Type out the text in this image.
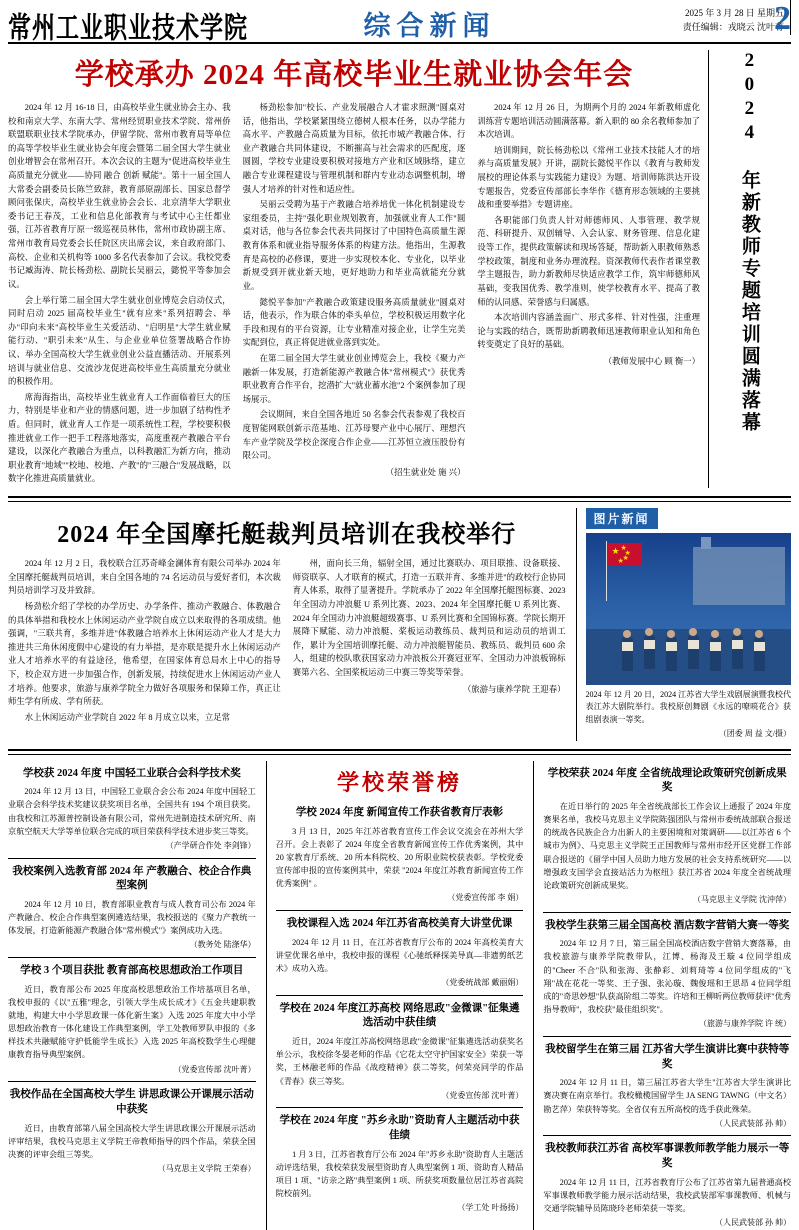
常州工业职业技术学院	综合新闻	2025 年 3 月 28 日 星期五
责任编辑：戎晓云 沈叶菁
2
学校承办 2024 年高校毕业生就业协会年会

2024 年 12 月 16-18 日，由高校毕业生就业协会主办、我校和南京大学、东南大学、常州经贸职业技术学院、常州侨联盟联职业技术学院承办，伊留学院、常州市教育局等单位的高等学校毕业生就业协会年度会暨第二届全国大学生就业创业增智会在常州召开。本次会议的主题为"促进高校毕业生高质量充分就业——协同 融合 创新 赋能"。第十一届全国人大常委会副委员长陈竺致辞，教育部原副部长、国家总督学顾问张保庆，高校毕业生就业协会会长、北京清华大学职业委书记王春茂，工业和信息化部教育与考试中心主任都业强，江苏省教育厅原一级巡视员林伟，常州市政协副主席、常州市教育局党委会长任院区庆出席会议，来自政府部门、高校、企业和关机构等 1000 多名代表参加了会议。我校党委书记臧海涛、院长杨劲松、副院长吴丽云，懿悦平等参加会议。

会上举行第二届全国大学生就业创业博览会启动仪式，同时启动 2025 届高校毕业生"就有应来"系列招聘会、举办"印向未来"高校毕业生关爱活动、"启明星"大学生就业赋能行动、"职引未来"从生、与企业业单位签署战略合作协议、举办全国高校大学生就业创业公益直播活动、开展系列培训与就业信息、交流沙龙促进高校毕业生高质量充分就业的积极作用。

席海海指出，高校毕业生就业育人工作面临着巨大的压力，特别是毕业和产业的情感问题，进一步加剧了结构性矛盾。但同时，就业育人工作是一项系统性工程，学校要积极推进就业工作一把手工程落地落实，高度重视产教融合平台建设，以深化产教融合为重点，以科教融汇为新方向，推动职业教育"地域""校地、校地、产教"的"三融合"发展战略，以数字化推进高质量就业。

杨劲松参加"校长、产业发展融合人才霍求照测"圆桌对话，他指出，学校紧紧围绕立德树人根本任务，以办学能力高水平、产教融合高质量为目标，依托市城产教融合体、行业产教融合共同体建设，不断摧高与社会需求的匹配度，逐圆圆，学校专业建设要积极对接地方产业和区域脉络，建立融合专业课程建设与管理机制和群内专业动态调整机制，增强人才培养的针对性和适应性。

吴丽云受聘为基于产教融合培养培优一体化机制建设专家组委员，主持"强化职业规划教育，加强就业育人工作"圆桌对话，他与各位参会代表共同探讨了中国特色高质量生源教育体系和就业指导服务体系的构建方法。他指出，生源教育是高校的必修课，要进一步实现校本化、专业化，以毕业新规受到开就业新天地，更好地助力和毕业高就能充分就业。

懿悦平参加"产教融合政策建设服务高质量就业"圆桌对话，他表示，作为联合体的牵头单位，学校积极运用数字化手段和现有的平台资源，让专业精准对接企业，让学生完美实配到位，真正将促进就业落到实处。

在第二届全国大学生就业创业博览会上，我校《聚力产融新一体发展，打造新能源产教融合体"常州模式"》获优秀职业教育合作平台，挖潜扩大"就业蓄水池"2 个案例参加了现场展示。

会议期间，来自全国各地近 50 名参会代表参观了我校百度智能网联创新示范基地、江苏母婴产业中心展厅、理想汽车产业学院及学校企深度合作企业——江苏恒立液压股份有限公司。

（招生就业处 施 兴）

2024 年 12 月 26 日，为期两个月的 2024 年新教师虚化训练营专题培训活动圆满落幕。新入职的 80 余名教师参加了本次培训。

培训期间，院长杨劲松以《常州工业技术技能人才的培养与高质量发展》开讲，副院长懿悦平作以《教育与教师发展校的理论体系与实践能力建设》为题、培训师陈洪达开设专题报告，党委宣传部部长李华作《德育形态领域的主要挑战和重要举措》专题讲座。

各职能部门负责人针对师德师风、人事管理、教学规范、科研提升、双创辅导、入会认家、财务管理、信息化建设等工作，提供政策解读和现场答疑，帮助新入职教师熟悉学校政策，制度和业务办理流程。资深教师代表作者课堂教学主题报告，助力新教师尽快适应教学工作，筑牢师德师风基础，变我国优秀、教学准则，使学校教育水平、提高了教师的认同感、荣誉感与归属感。

本次培训内容涵盖面广、形式多样、针对性强，注重理论与实践的结合，既帮助新聘教师迅速教师职业认知和角色转变奠定了良好的基础。

（教师发展中心 顾 衡一） 2024 年新教师专题培训圆满落幕
2024 年全国摩托艇裁判员培训在我校举行

2024 年 12 月 2 日，我校联合江苏奇峰金澜体育有限公司举办 2024 年全国摩托艇裁判员培训，来自全国各地的 74 名运动员与爱好者们，本次裁判员培训学习及并致辞。

杨劲松介绍了学校的办学历史、办学条件、推动产教融合、体教融合的具体举措和我校水上休闲运动产业学院自成立以来取得的各项成绩。他强调，"三联共育，多维并进"体教融合培养水上休闲运动产业人才是大力推进共三角休闲度假中心建设的有力举措，是亦联是提升水上休闲运动产业人才培养水平的有益途径，他希望，在国家体育总局水上中心的指导下，校企双方进一步加强合作，创新发展，持续促进水上休闲运动产业人才培养。他要求，旅游与康养学院全力做好各项服务和保障工作，真正让师生学有所成、学有所获。

水上休闲运动产业学院自 2022 年 8 月成立以来，立足常

州，面向长三角，辐射全国，通过比赛联办、项目联推、设备联接、师资联享、人才联育的模式，打造一五联并育、多维并进"的政校行企协同育人体系，取得了显著提升。学院承办了 2022 年全国摩托艇图标赛、2023 年全国动力冲浪艇 U 系列比赛、2023、2024 年全国摩托艇 U 系列比赛、2024 年全国动力冲浪艇超级赛事、U 系列比赛和全国锦标赛。学院长期开展降下赋能、动力冲浪艇、桨板运动教练员、裁判员和运动员的培训工作，累计为全国培训摩托艇、动力冲浪艇智能员、教练员、裁判员 600 余人，组建的校队歌获国家动力冲浪板公开赛冠亚军、全国动力冲浪板锦标赛第六名、全国桨板运动三中赛三等奖等荣誉。

（旅游与康养学院 王迎春）
图片新闻
★ ★
★
★
★
2024 年 12 月 20 日，2024 江苏省大学生戏剧展演暨我校代表江苏大剧院举行。我校原创舞剧《永远的嘹喨花合》获组剧表演一等奖。
（团委 周 益 文/摄）
学校获 2024 年度 中国轻工业联合会科学技术奖

2024 年 12 月 13 日，中国轻工业联合会公布 2024 年度中国轻工业联合会科学技术奖建议获奖项目名单，全国共有 194 个项目获奖。由我校和江苏源普控制设备有限公司，常州先进制造技术研究所、南京航空航天大学等单位联合完成的项目荣获科学技术进步奖三等奖。

（产学研合作处 李剑锋）
我校案例入选教育部 2024 年 产教融合、校企合作典型案例

2024 年 12 月 10 日，教育部职业教育与成人教育司公布 2024 年产教融合、校企合作典型案例遴选结果，我校报送的《聚力产教统一体发展，打造新能源产教融合体"常州模式"》案例成功入选。

（教务处 陆涤华）
学校 3 个项目获批 教育部高校思想政治工作项目

近日，教育部公布 2025 年度高校思想政治工作培基项目名单，我校申报的《以"五雅"理念，引领大学生成长成才》《五金共建职教就地，构建大中小学思政课一体化新生案》入选 2025 年度大中小学思想政治教育一体化建设工作典型案例，学工处教师罗队申报的《多样技术共融赋能守护低能学生成长》入选 2025 年高校数学生心理健康教育指导典型案例。

（党委宣传部 沈叶菁）
我校作品在全国高校大学生 讲思政课公开课展示活动中获奖

近日，由教育部第八届全国高校大学生讲思政课公开课展示活动评审结果，我校马克思主义学院王帝教师指导的四个作品，荣获全国决赛的评审会组三等奖。

（马克思主义学院 王荣春）
学校荣誉榜
学校 2024 年度 新闻宣传工作获省教育厅表彰

3 月 13 日，2025 年江苏省教育宣传工作会议交流会在苏州大学召开。会上表彰了 2024 年度全省教育新闻宣传工作优秀案例，其中 20 家教育厅系统、20 所本科院校、20 所职业院校获表彰。学校党委宣传部申报的宣传案例其中，荣获 "2024 年度江苏教育新闻宣传工作优秀案例" 。

（党委宣传部 李 娟）
我校课程入选 2024 年江苏省高校美育大讲堂优课

2024 年 12 月 11 日，在江苏省教育厅公布的 2024 年高校美育大讲堂优课名单中，我校申报的课程《心驰纸释探美导真—非遗剪纸艺术》成功入选。

（党委统战部 戴丽娟）
学校在 2024 年度江苏高校 网络思政"金微课"征集遴选活动中获佳绩

近日，2024 年度江苏高校网络思政"金微课"征集遴选活动获奖名单公示，我校徐冬晏老师的作品《它花太空守护国家安全》荣获一等奖，王林融老师的作品《战疫精神》获二等奖，何荣亮同学的作品《青春》获三等奖。

（党委宣传部 沈叶菁）
学校在 2024 年度 "苏乡永助"资助育人主题活动中获佳绩

1 月 3 日，江苏省教育厅公布 2024 年"苏乡永助"资助育人主题活动评选结果，我校荣获发展型资助育人典型案例 1 项、资助育人精品项目 1 项、"访亲之路"典型案例 1 项、所获奖项数量位居江苏省高院院校前列。

（学工处 叶扬扬）
学校荣获 2024 年度 全省统战理论政策研究创新成果奖

在近日举行的 2025 年全省统战部长工作会议上通报了 2024 年度赛果名单，我校马克思主义学院陈强团队与常州市委统战部联合报送的统战各民族企合力出新人的主要困境和对策调研——以江苏省 6 个城市为例》、马克思主义学院王正国教师与常州市经开区党群工作部联合报送的《留学中国人员助力地方发展的社会支持系统研究——以增强政支国学会直接站活力为枢纽》获江苏省 2024 年度全省统战理论政策研究创新成果奖。

（马克思主义学院 沈沖萍）
我校学生获第三届全国高校 酒店数字营销大赛一等奖

2024 年 12 月 7 日，第三届全国高校酒店数字营销大赛落幕，由我校旅游与康养学院教带队，江博、杨海及王璇 4 位同学组成的"Cheer 不合"队和张海、张静彩、刘莉琦等 4 位同学组成的"飞翔"战在花花一等奖、王子强、张沁璇、魏俊瑶和王思昂 4 位同学组成的"奇思妙想"队获高阶组二等奖。许培和王柳昕两位教师获评"优秀指导教师"，我校获"最佳组织奖"。

（旅游与康养学院 许 统）
我校留学生在第三届 江苏省大学生演讲比赛中获特等奖

2024 年 12 月 11 日，第三届江苏省大学生"江苏省大学生演讲比赛决赛在南京举行。我校橄榄国留学生 JA SENG TAWNG（中文名）勘艺萍）荣获特等奖。全省仅有五所高校的选手获此殊荣。

（人民武装部 孙 帅）
我校教师获江苏省 高校军事课教师教学能力展示一等奖

2024 年 12 月 11 日，江苏省教育厅公布了江苏省第九届普通高校军事课教师教学能力展示活动结果，我校武装部军事课教师、机械与交通学院辅导员陈晓玲老师荣获一等奖。

（人民武装部 孙 帅）
